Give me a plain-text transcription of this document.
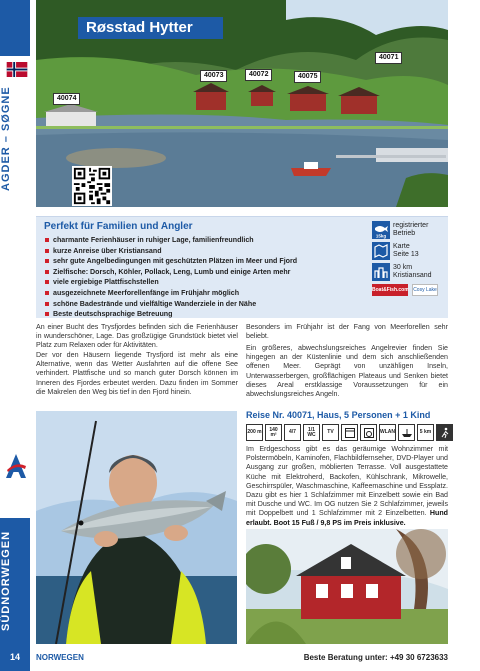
AGDER – SØGNE
SÜDNORWEGEN
Røsstad Hytter
40074
40073	40072	40075
40071
Perfekt für Familien und Angler
charmante Ferienhäuser in ruhiger Lage, familienfreundlich
kurze Anreise über Kristiansand
sehr gute Angelbedingungen mit geschützten Plätzen im Meer und Fjord
Zielfische: Dorsch, Köhler, Pollack, Leng, Lumb und einige Arten mehr
viele ergiebige Plattfischstellen
ausgezeichnete Meerforellenfänge im Frühjahr möglich
schöne Badestrände und vielfältige Wanderziele in der Nähe
Beste deutschsprachige Betreuung
15kg
registrierter Betrieb
Karte
Seite 13
30 km
Kristiansand
Boat&Fish.com Cosy Lake

An einer Bucht des Trysfjordes befinden sich die Ferienhäuser in wunderschöner, Lage. Das großzügige Grundstück bietet viel Platz zum Relaxen oder für Aktivitäten.

Der vor den Häusern liegende Trysfjord ist mehr als eine Alternative, wenn das Wetter Ausfahrten auf die offene See verhindert. Plattfische und so manch guter Dorsch können im Inneren des Fjordes erbeutet werden. Dazu finden im Sommer die Makrelen den Weg bis tief in den Fjord hinein.

Besonders im Frühjahr ist der Fang von Meerforellen sehr beliebt.

Ein größeres, abwechslungsreiches Angelrevier finden Sie hingegen an der Küstenlinie und dem sich anschließenden offenen Meer. Geprägt von unzähligen Inseln, Unterwasserbergen, großflächigen Plateaus und Senken bietet dieses Areal erstklassige Voraussetzungen für ein abwechslungsreiches Angeln.

Reise Nr. 40071, Haus, 5 Personen + 1 Kind
200 m	140 m²	4/7	1/1 WC	TV	WLAN	5 km

Im Erdgeschoss gibt es das geräumige Wohnzimmer mit Polstermöbeln, Kaminofen, Flachbildfernseher, DVD-Player und Ausgang zur großen, möblierten Terrasse. Voll ausgestattete Küche mit Elektroherd, Backofen, Kühlschrank, Mikrowelle, Geschirrspüler, Waschmaschine, Kaffeemaschine und Essplatz. Dazu gibt es hier 1 Schlafzimmer mit Einzelbett sowie ein Bad mit Dusche und WC. Im OG nutzen Sie 2 Schlafzimmer, jeweils mit Doppelbett und 1 Schlafzimmer mit 2 Einzelbetten. Hund erlaubt. Boot 15 Fuß / 9,8 PS im Preis inklusive.

14	NORWEGEN	Beste Beratung unter: +49 30 6723633
